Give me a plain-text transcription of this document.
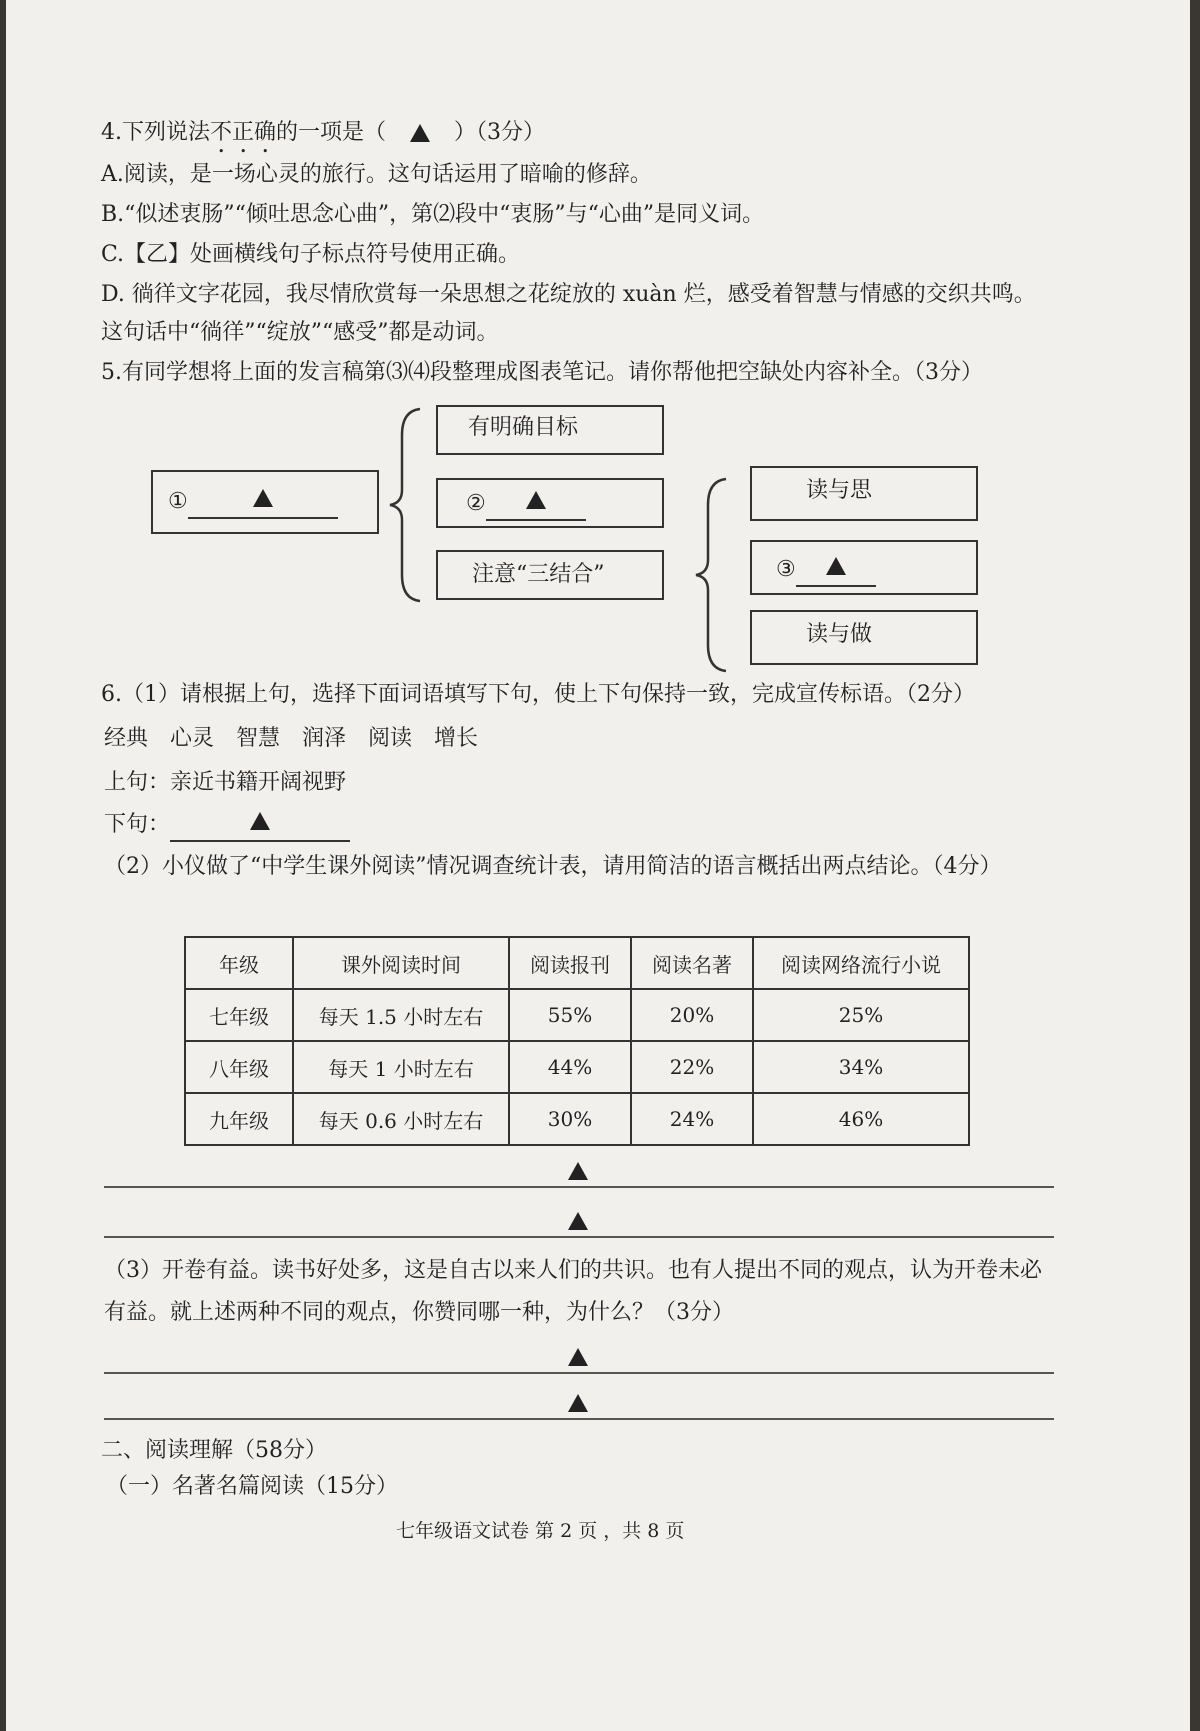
4.下列说法不正确的一项是（	）（3分）
A.阅读，是一场心灵的旅行。这句话运用了暗喻的修辞。
B.“似述衷肠”“倾吐思念心曲”，第⑵段中“衷肠”与“心曲”是同义词。
C.【乙】处画横线句子标点符号使用正确。
D. 徜徉文字花园，我尽情欣赏每一朵思想之花绽放的 xuàn 烂，感受着智慧与情感的交织共鸣。
这句话中“徜徉”“绽放”“感受”都是动词。
5.有同学想将上面的发言稿第⑶⑷段整理成图表笔记。请你帮他把空缺处内容补全。（3分）
①
有明确目标
②
注意“三结合”
读与思
③
读与做
6.（1）请根据上句，选择下面词语填写下句，使上下句保持一致，完成宣传标语。（2分）
经典　心灵　智慧　润泽　阅读　增长
上句：亲近书籍开阔视野
下句：
（2）小仪做了“中学生课外阅读”情况调查统计表，请用简洁的语言概括出两点结论。（4分）
年级	课外阅读时间	阅读报刊	阅读名著	阅读网络流行小说
七年级	每天 1.5 小时左右	55%	20%	25%
八年级	每天 1 小时左右	44%	22%	34%
九年级	每天 0.6 小时左右	30%	24%	46%
（3）开卷有益。读书好处多，这是自古以来人们的共识。也有人提出不同的观点，认为开卷未必
有益。就上述两种不同的观点，你赞同哪一种，为什么？（3分）
二、阅读理解（58分）
（一）名著名篇阅读（15分）
七年级语文试卷 第 2 页 ，共 8 页
